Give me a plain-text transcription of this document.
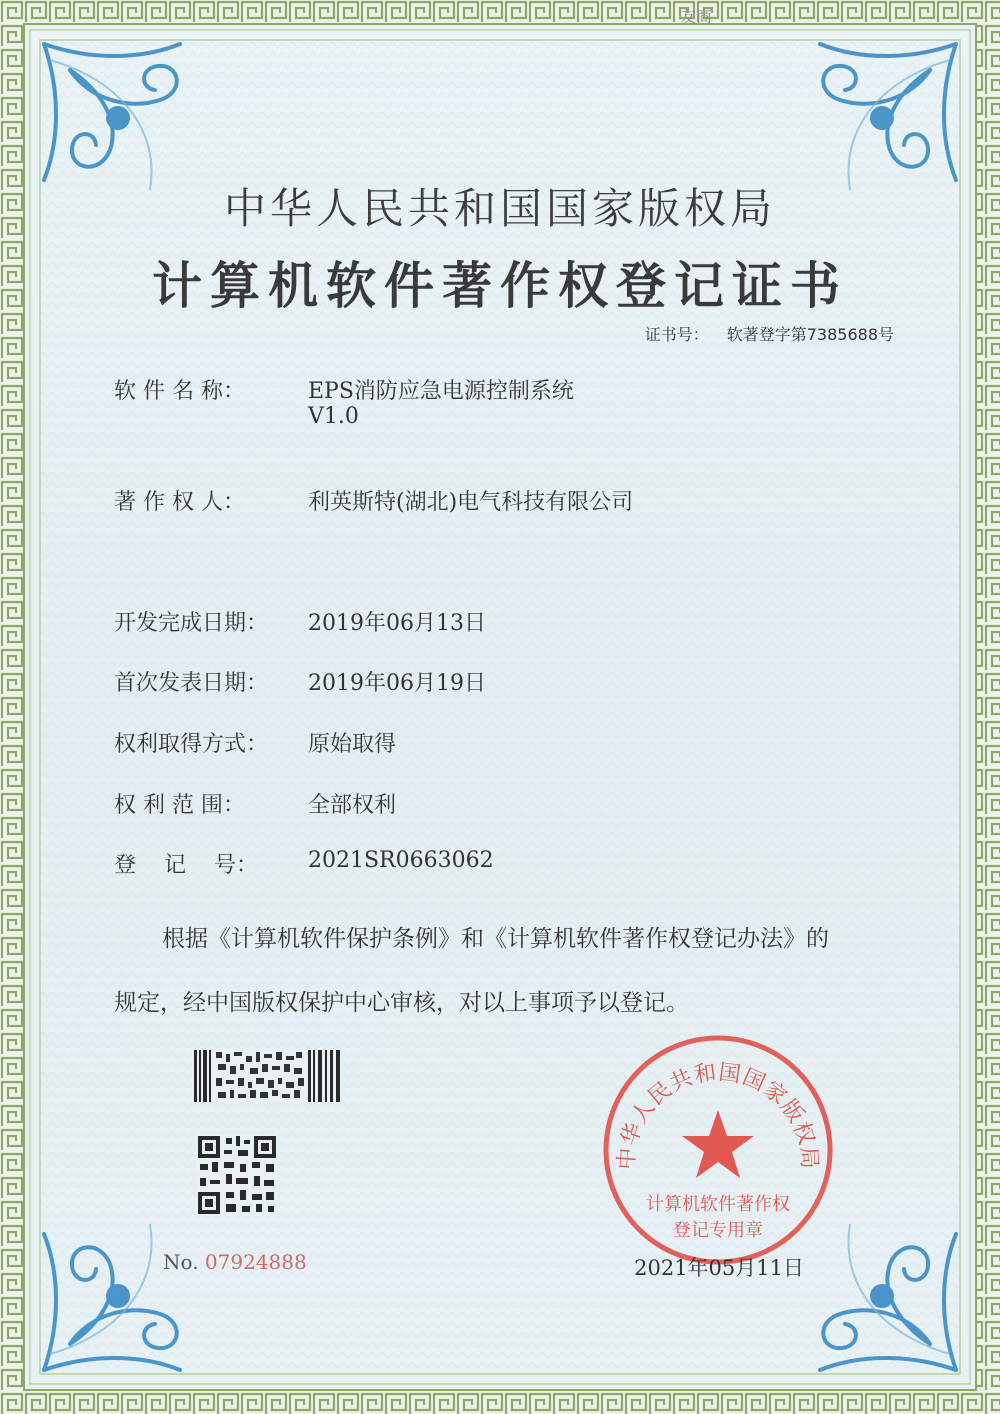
友商
中华人民共和国国家版权局
计算机软件著作权登记证书
证书号： 软著登字第7385688号
软 件 名 称：	EPS消防应急电源控制系统
V1.0
著 作 权 人：	利英斯特(湖北)电气科技有限公司
开发完成日期： 2019年06月13日
首次发表日期： 2019年06月19日
权利取得方式： 原始取得
权 利 范 围：	全部权利
登    记    号： 2021SR0663062
根据《计算机软件保护条例》和《计算机软件著作权登记办法》的
规定，经中国版权保护中心审核，对以上事项予以登记。
No. 07924888
中华人民共和国国家版权局
计算机软件著作权
登记专用章
2021年05月11日
